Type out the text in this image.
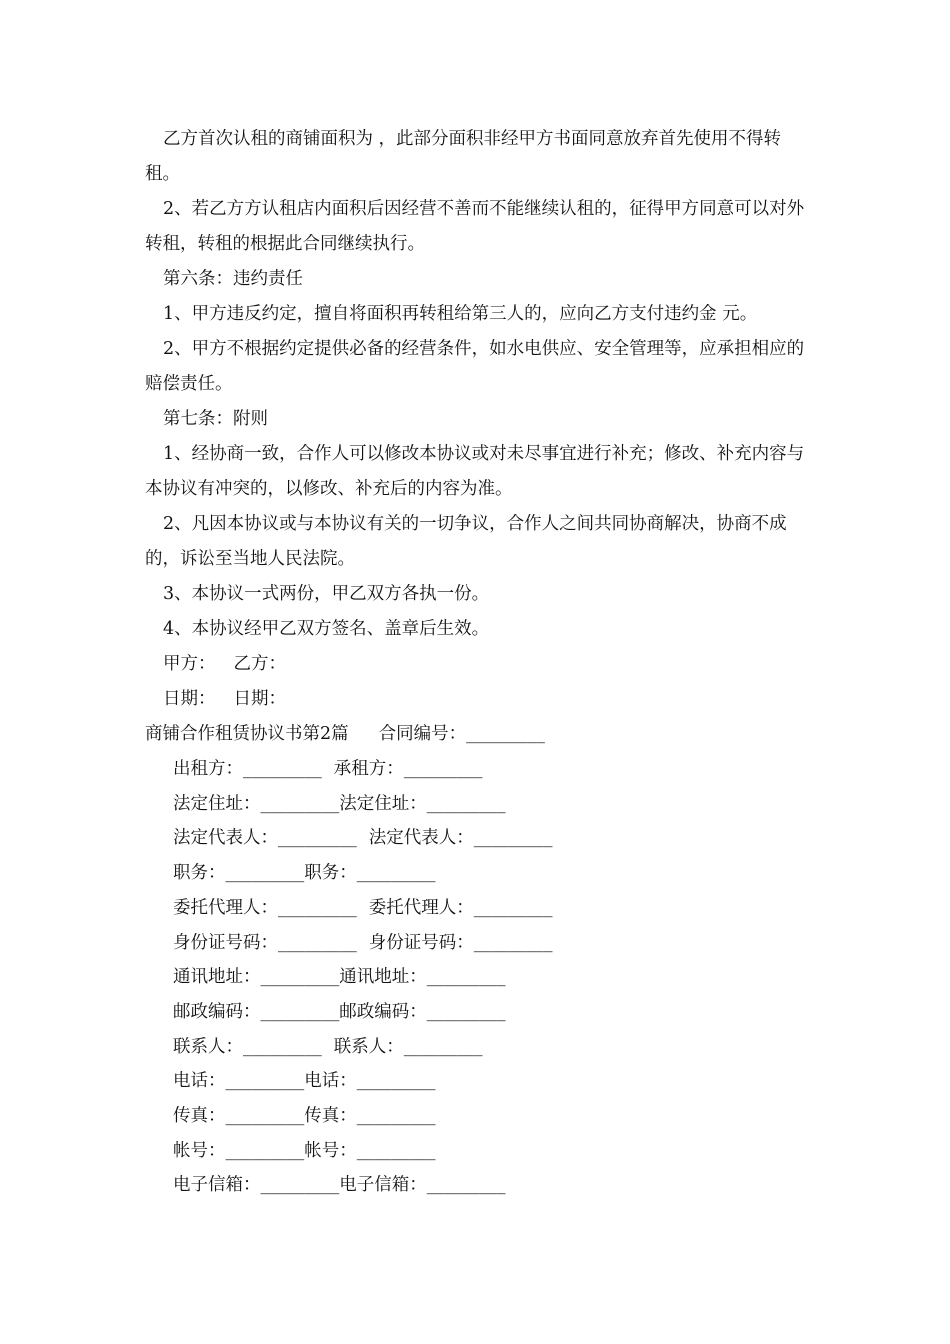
乙方首次认租的商铺面积为 ，此部分面积非经甲方书面同意放弃首先使用不得转租。

2、若乙方方认租店内面积后因经营不善而不能继续认租的，征得甲方同意可以对外转租，转租的根据此合同继续执行。

第六条：违约责任

1、甲方违反约定，擅自将面积再转租给第三人的，应向乙方支付违约金 元。

2、甲方不根据约定提供必备的经营条件，如水电供应、安全管理等，应承担相应的赔偿责任。

第七条：附则

1、经协商一致，合作人可以修改本协议或对未尽事宜进行补充；修改、补充内容与本协议有冲突的，以修改、补充后的内容为准。

2、凡因本协议或与本协议有关的一切争议，合作人之间共同协商解决，协商不成的，诉讼至当地人民法院。

3、本协议一式两份，甲乙双方各执一份。

4、本协议经甲乙双方签名、盖章后生效。

甲方： 乙方：

日期： 日期：

商铺合作租赁协议书第2篇 合同编号：_________

出租方：_________ 承租方：_________

法定住址：_________法定住址：_________

法定代表人：_________ 法定代表人：_________

职务：_________职务：_________

委托代理人：_________ 委托代理人：_________

身份证号码：_________ 身份证号码：_________

通讯地址：_________通讯地址：_________

邮政编码：_________邮政编码：_________

联系人：_________ 联系人：_________

电话：_________电话：_________

传真：_________传真：_________

帐号：_________帐号：_________

电子信箱：_________电子信箱：_________
